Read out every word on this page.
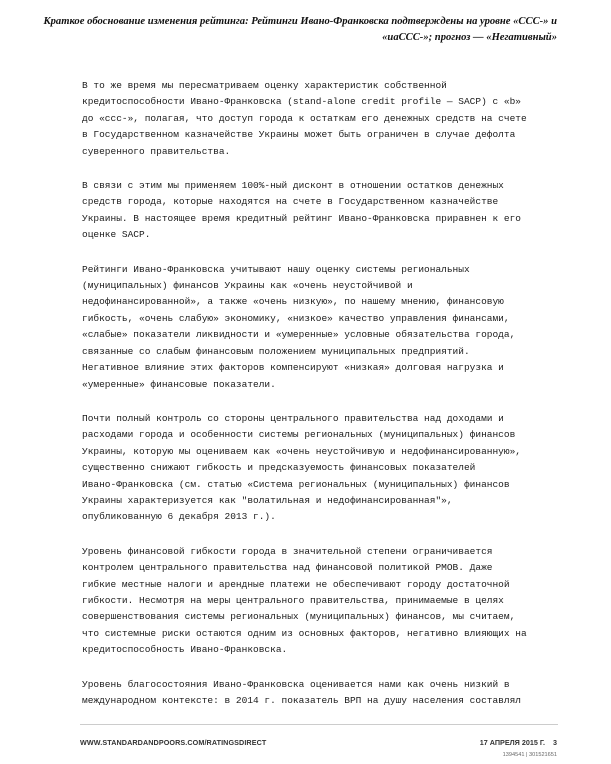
Краткое обоснование изменения рейтинга: Рейтинги Ивано-Франковска подтверждены на уровне «ССС-» и
«uaCCC-»; прогноз — «Негативный»

В то же время мы пересматриваем оценку характеристик собственной
кредитоспособности Ивано-Франковска (stand-alone credit profile — SACP) с «b»
до «ccc-», полагая, что доступ города к остаткам его денежных средств на счете
в Государственном казначействе Украины может быть ограничен в случае дефолта
суверенного правительства.

В связи с этим мы применяем 100%-ный дисконт в отношении остатков денежных
средств города, которые находятся на счете в Государственном казначействе
Украины. В настоящее время кредитный рейтинг Ивано-Франковска приравнен к его
оценке SACP.

Рейтинги Ивано-Франковска учитывают нашу оценку системы региональных
(муниципальных) финансов Украины как «очень неустойчивой и
недофинансированной», а также «очень низкую», по нашему мнению, финансовую
гибкость, «очень слабую» экономику, «низкое» качество управления финансами,
«слабые» показатели ликвидности и «умеренные» условные обязательства города,
связанные со слабым финансовым положением муниципальных предприятий.
Негативное влияние этих факторов компенсируют «низкая» долговая нагрузка и
«умеренные» финансовые показатели.

Почти полный контроль со стороны центрального правительства над доходами и
расходами города и особенности системы региональных (муниципальных) финансов
Украины, которую мы оцениваем как «очень неустойчивую и недофинансированную»,
существенно снижают гибкость и предсказуемость финансовых показателей
Ивано-Франковска (см. статью «Система региональных (муниципальных) финансов
Украины характеризуется как "волатильная и недофинансированная"»,
опубликованную 6 декабря 2013 г.).

Уровень финансовой гибкости города в значительной степени ограничивается
контролем центрального правительства над финансовой политикой РМОВ. Даже
гибкие местные налоги и арендные платежи не обеспечивают городу достаточной
гибкости. Несмотря на меры центрального правительства, принимаемые в целях
совершенствования системы региональных (муниципальных) финансов, мы считаем,
что системные риски остаются одним из основных факторов, негативно влияющих на
кредитоспособность Ивано-Франковска.

Уровень благосостояния Ивано-Франковска оценивается нами как очень низкий в
международном контексте: в 2014 г. показатель ВРП на душу населения составлял

WWW.STANDARDANDPOORS.COM/RATINGSDIRECT	17 АПРЕЛЯ 2015 Г. 3
1394541 | 301521651
